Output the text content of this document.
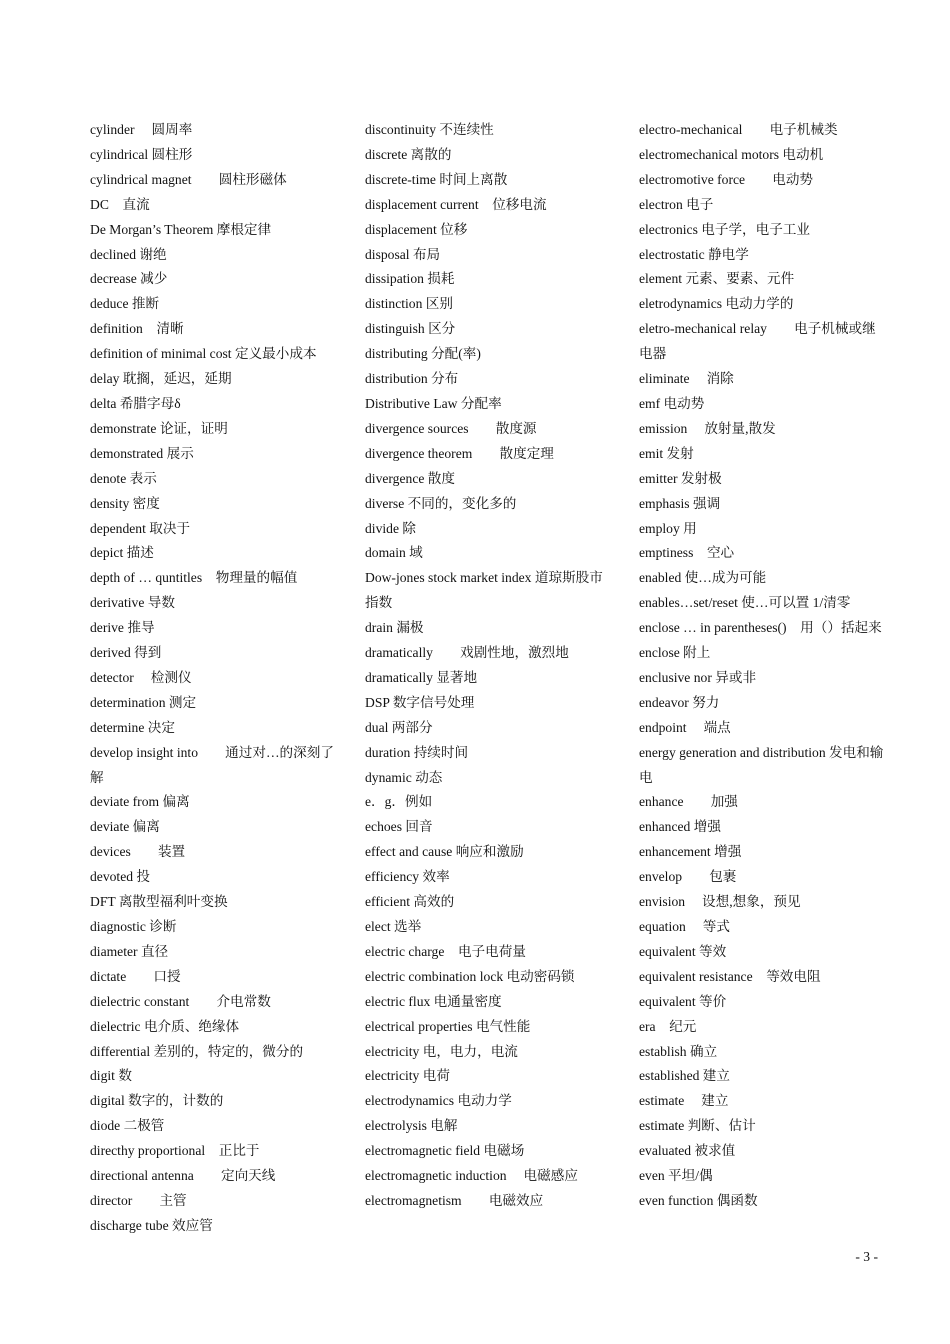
cylinder　 圆周率
cylindrical 圆柱形
cylindrical magnet　　圆柱形磁体
DC　直流
De Morgan’s Theorem 摩根定律
declined 谢绝
decrease 减少
deduce 推断
definition　清晰
definition of minimal cost 定义最小成本
delay 耽搁，延迟，延期
delta 希腊字母δ
demonstrate 论证，证明
demonstrated 展示
denote 表示
density 密度
dependent 取决于
depict 描述
depth of … quntitles　物理量的幅值
derivative 导数
derive 推导
derived 得到
detector　 检测仪
determination 测定
determine 决定
develop insight into　　通过对…的深刻了解
deviate from 偏离
deviate 偏离
devices　　装置
devoted 投
DFT 离散型福利叶变换
diagnostic 诊断
diameter 直径
dictate　　口授
dielectric constant　　介电常数
dielectric 电介质、绝缘体
differential 差别的，特定的，微分的
digit 数
digital 数字的，计数的
diode 二极管
directhy proportional　正比于
directional antenna　　定向天线
director　　主管
discharge tube 效应管
discontinuity 不连续性
discrete 离散的
discrete-time 时间上离散
displacement current　位移电流
displacement 位移
disposal 布局
dissipation 损耗
distinction 区别
distinguish 区分
distributing 分配(率)
distribution 分布
Distributive Law 分配率
divergence sources　　散度源
divergence theorem　　散度定理
divergence 散度
diverse 不同的，变化多的
divide 除
domain 域
Dow-jones stock market index 道琼斯股市指数
drain 漏极
dramatically　　戏剧性地，激烈地
dramatically 显著地
DSP 数字信号处理
dual 两部分
duration 持续时间
dynamic 动态
e．g．例如
echoes 回音
effect and cause 响应和激励
efficiency 效率
efficient 高效的
elect 选举
electric charge　电子电荷量
electric combination lock 电动密码锁
electric flux 电通量密度
electrical properties 电气性能
electricity 电，电力，电流
electricity 电荷
electrodynamics 电动力学
electrolysis 电解
electromagnetic field 电磁场
electromagnetic induction　 电磁感应
electromagnetism　　电磁效应
electro-mechanical　　电子机械类
electromechanical motors 电动机
electromotive force　　电动势
electron 电子
electronics 电子学，电子工业
electrostatic 静电学
element 元素、要素、元件
eletrodynamics 电动力学的
eletro-mechanical relay　　电子机械或继电器
eliminate　 消除
emf 电动势
emission　 放射量,散发
emit 发射
emitter 发射极
emphasis 强调
employ 用
emptiness　空心
enabled 使…成为可能
enables…set/reset 使…可以置 1/清零
enclose … in parentheses()　用（）括起来
enclose 附上
enclusive nor 异或非
endeavor 努力
endpoint　 端点
energy generation and distribution 发电和输电
enhance　　加强
enhanced 增强
enhancement 增强
envelop　　包裹
envision　 设想,想象，预见
equation　 等式
equivalent 等效
equivalent resistance　等效电阻
equivalent 等价
era　纪元
establish 确立
established 建立
estimate　 建立
estimate 判断、估计
evaluated 被求值
even 平坦/偶
even function 偶函数
- 3 -
